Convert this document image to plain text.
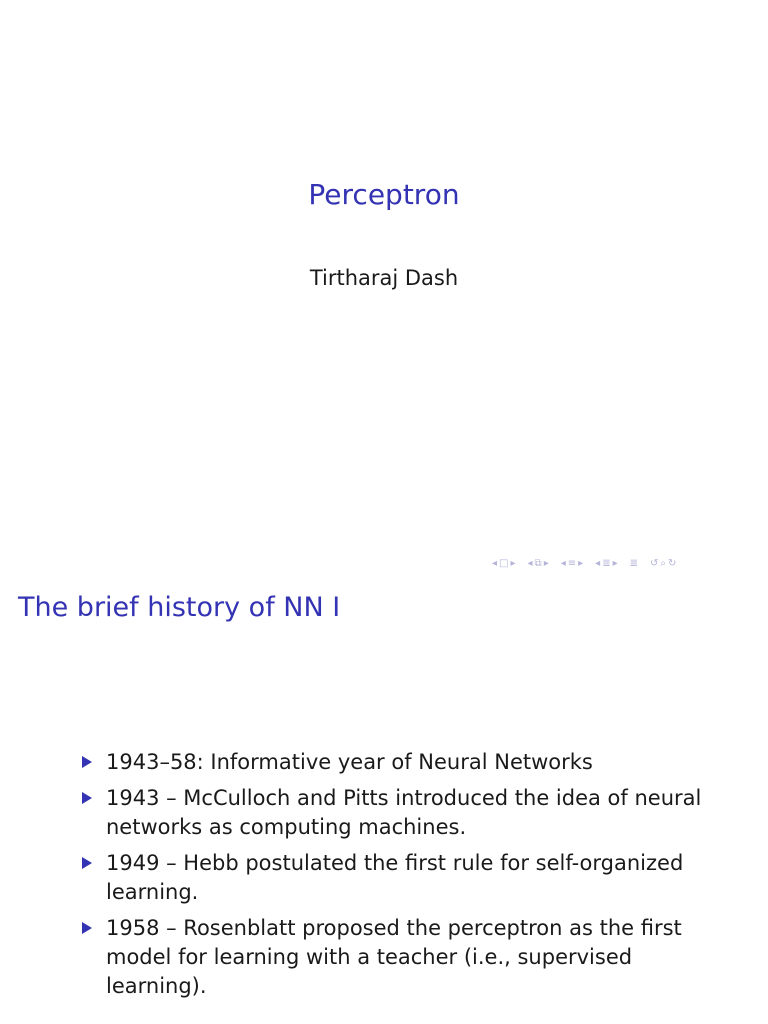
Perceptron
Tirtharaj Dash
◂ □ ▸ ◂ ⧉ ▸ ◂ ≡ ▸ ◂ ≣ ▸ ≣ ↺ ⌕ ↻
The brief history of NN I
1943–58: Informative year of Neural Networks
1943 – McCulloch and Pitts introduced the idea of neural networks as computing machines.
1949 – Hebb postulated the first rule for self-organized learning.
1958 – Rosenblatt proposed the perceptron as the first model for learning with a teacher (i.e., supervised learning).
